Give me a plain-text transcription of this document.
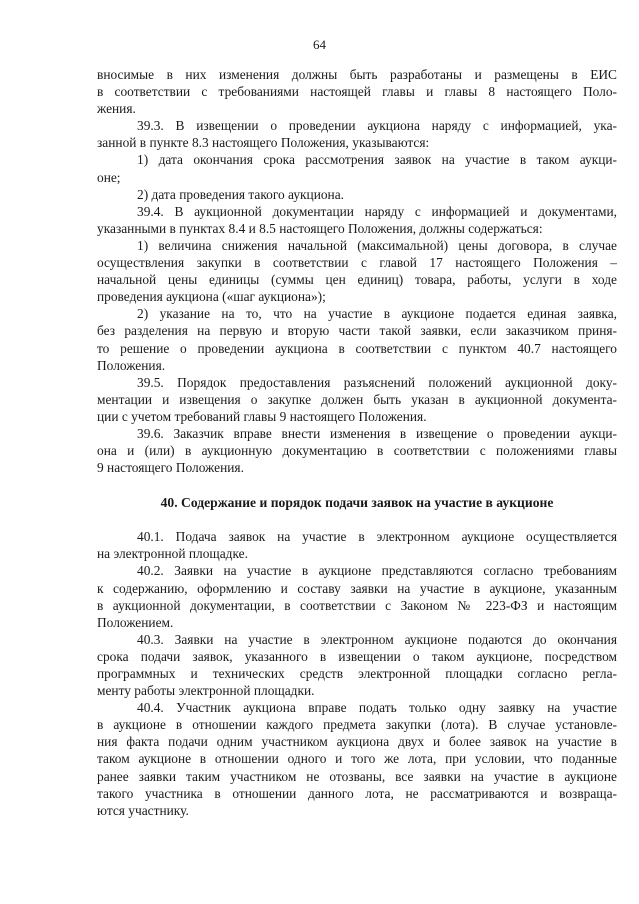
64

вносимые в них изменения должны быть разработаны и размещены в ЕИС
в соответствии с требованиями настоящей главы и главы 8 настоящего Поло-
жения.

39.3. В извещении о проведении аукциона наряду с информацией, ука-
занной в пункте 8.3 настоящего Положения, указываются:

1) дата окончания срока рассмотрения заявок на участие в таком аукци-
оне;

2) дата проведения такого аукциона.

39.4. В аукционной документации наряду с информацией и документами,
указанными в пунктах 8.4 и 8.5 настоящего Положения, должны содержаться:

1) величина снижения начальной (максимальной) цены договора, в случае
осуществления закупки в соответствии с главой 17 настоящего Положения –
начальной цены единицы (суммы цен единиц) товара, работы, услуги в ходе
проведения аукциона («шаг аукциона»);

2) указание на то, что на участие в аукционе подается единая заявка,
без разделения на первую и вторую части такой заявки, если заказчиком приня-
то решение о проведении аукциона в соответствии с пунктом 40.7 настоящего
Положения.

39.5. Порядок предоставления разъяснений положений аукционной доку-
ментации и извещения о закупке должен быть указан в аукционной документа-
ции с учетом требований главы 9 настоящего Положения.

39.6. Заказчик вправе внести изменения в извещение о проведении аукци-
она и (или) в аукционную документацию в соответствии с положениями главы
9 настоящего Положения.

40. Содержание и порядок подачи заявок на участие в аукционе

40.1. Подача заявок на участие в электронном аукционе осуществляется
на электронной площадке.

40.2. Заявки на участие в аукционе представляются согласно требованиям
к содержанию, оформлению и составу заявки на участие в аукционе, указанным
в аукционной документации, в соответствии с Законом № 223-ФЗ и настоящим
Положением.

40.3. Заявки на участие в электронном аукционе подаются до окончания
срока подачи заявок, указанного в извещении о таком аукционе, посредством
программных и технических средств электронной площадки согласно регла-
менту работы электронной площадки.

40.4. Участник аукциона вправе подать только одну заявку на участие
в аукционе в отношении каждого предмета закупки (лота). В случае установле-
ния факта подачи одним участником аукциона двух и более заявок на участие в
таком аукционе в отношении одного и того же лота, при условии, что поданные
ранее заявки таким участником не отозваны, все заявки на участие в аукционе
такого участника в отношении данного лота, не рассматриваются и возвраща-
ются участнику.
